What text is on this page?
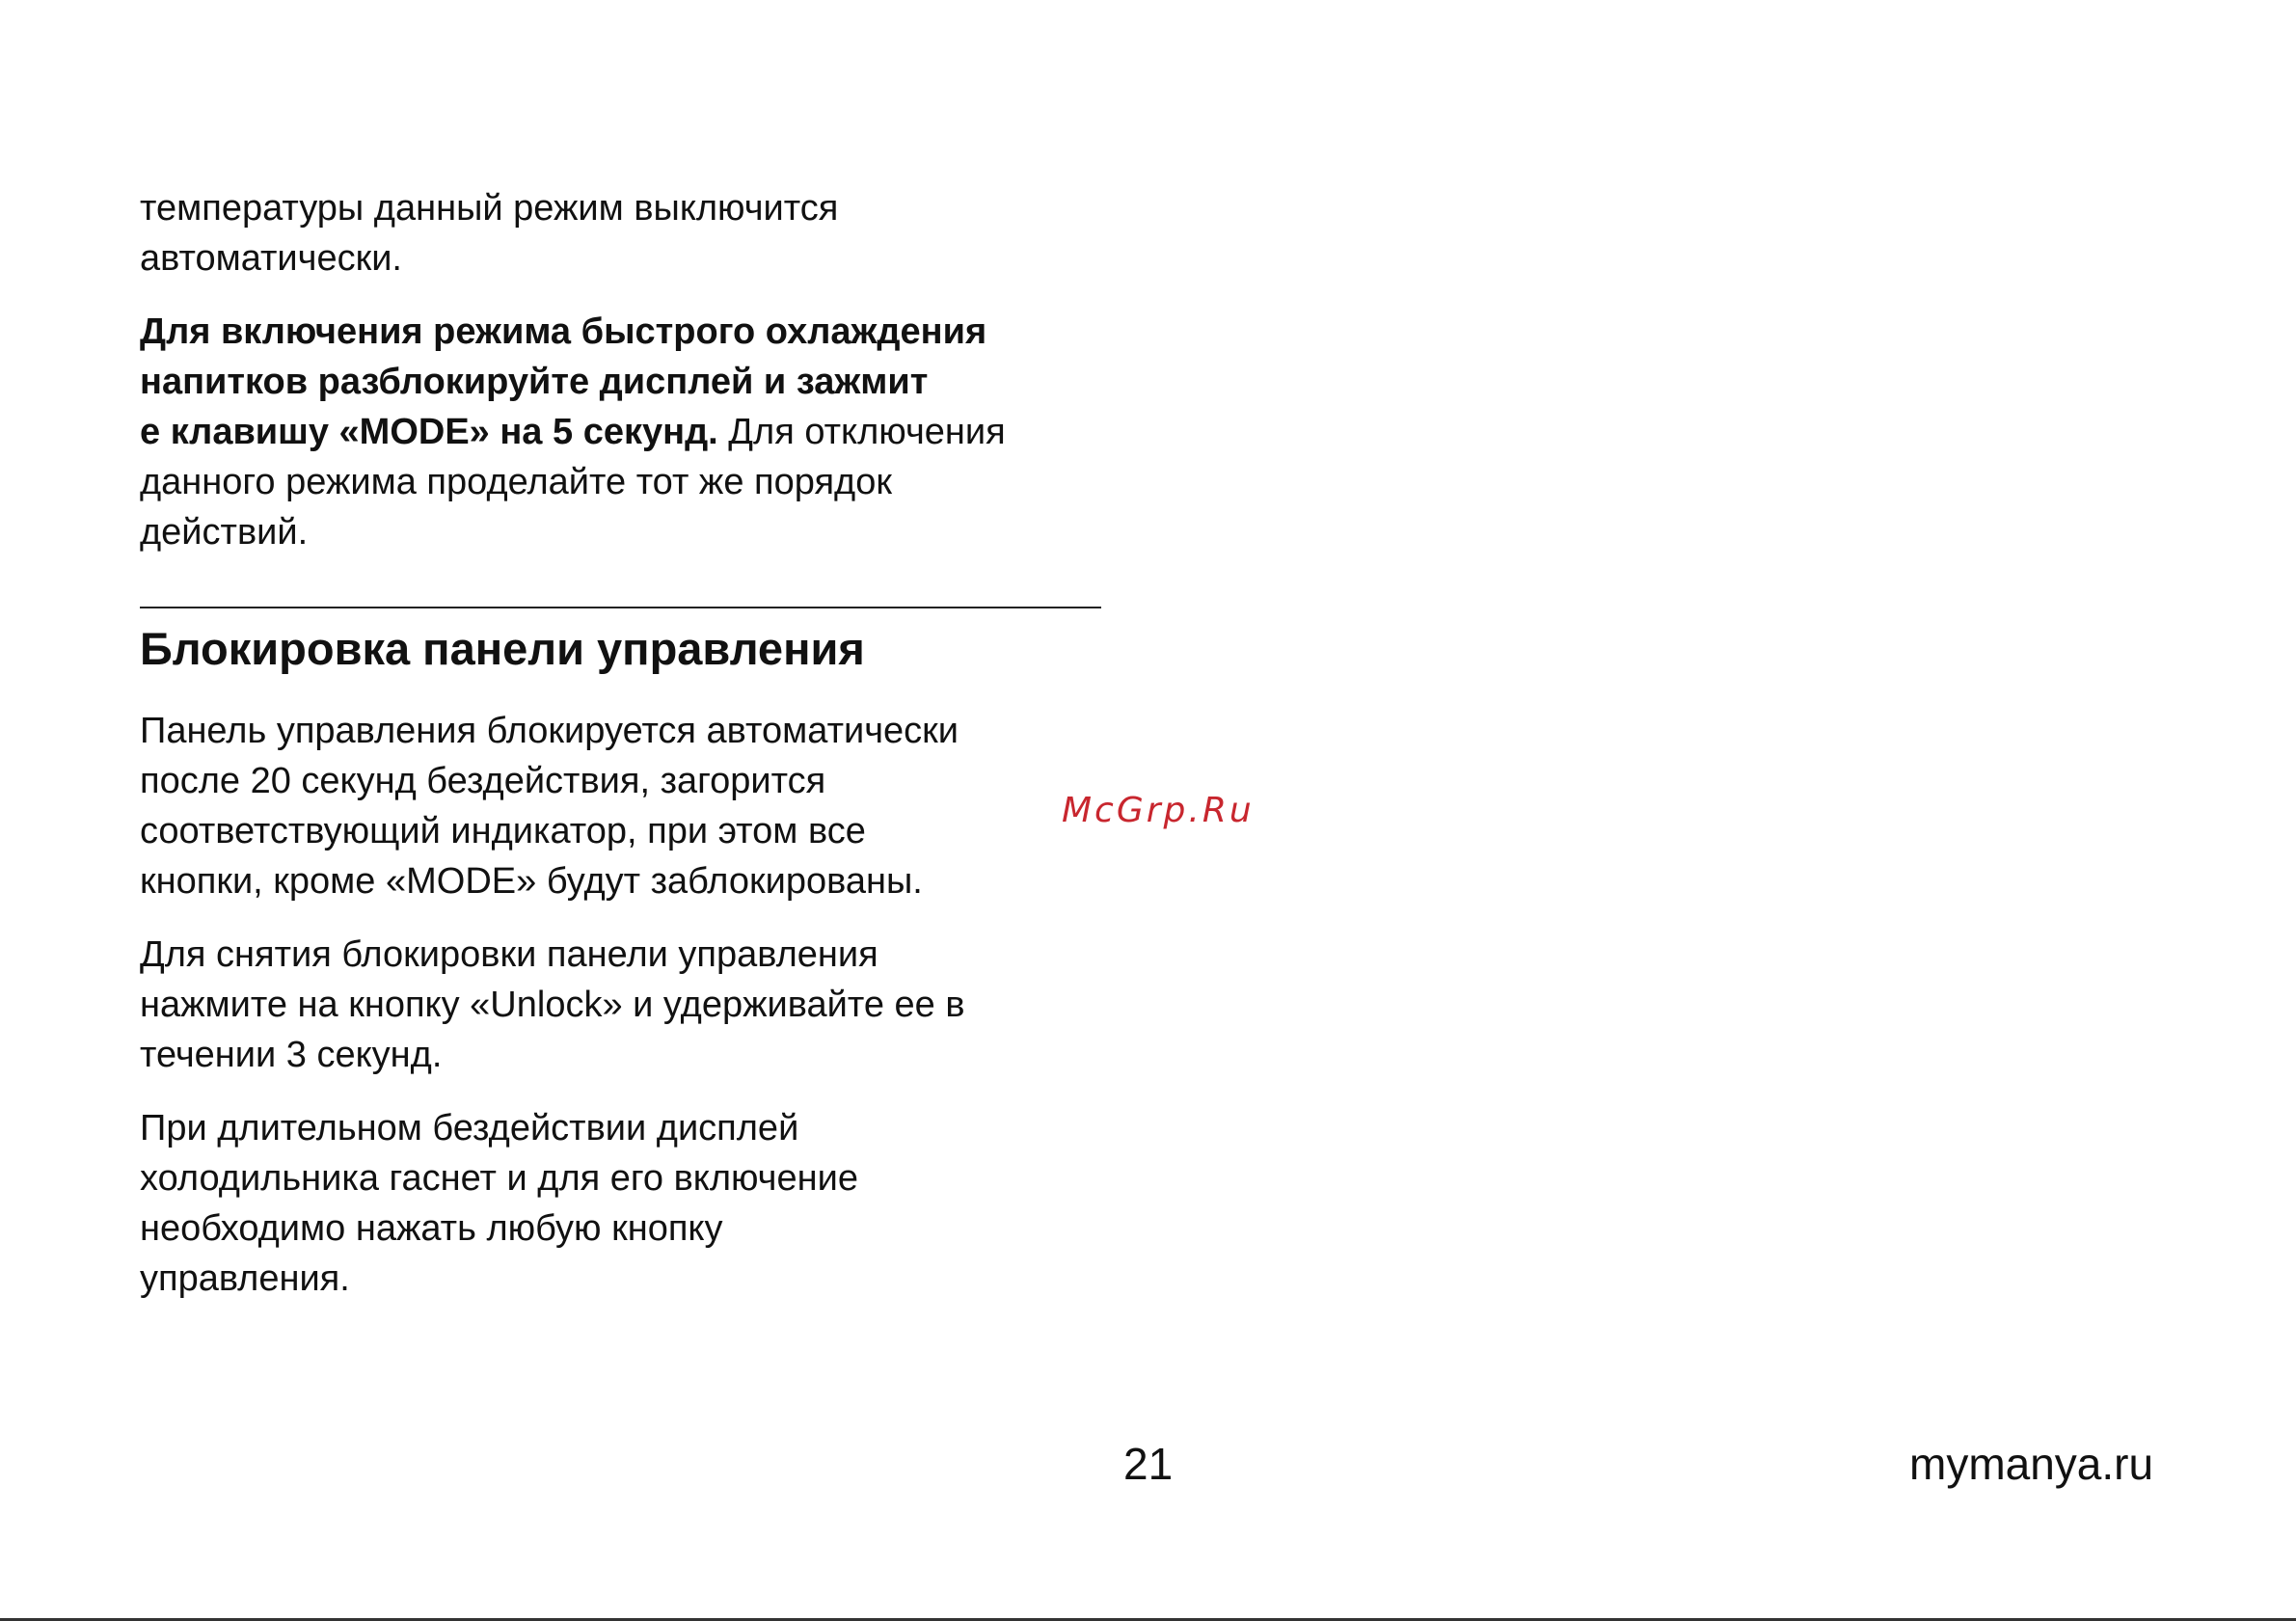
температуры данный режим выключится
автоматически.

Для включения режима быстрого охлаждения
напитков разблокируйте дисплей и зажмит
е клавишу «MODE» на 5 секунд. Для отключения
данного режима проделайте тот же порядок
действий.

Блокировка панели управления

Панель управления блокируется автоматически
после 20 секунд бездействия, загорится
соответствующий индикатор, при этом все
кнопки, кроме «MODE» будут заблокированы.

Для снятия блокировки панели управления
нажмите на кнопку «Unlock» и удерживайте ее в
течении 3 секунд.

При длительном бездействии дисплей
холодильника гаснет и для его включение
необходимо нажать любую кнопку
управления.

McGrp.Ru
21	mymanya.ru
